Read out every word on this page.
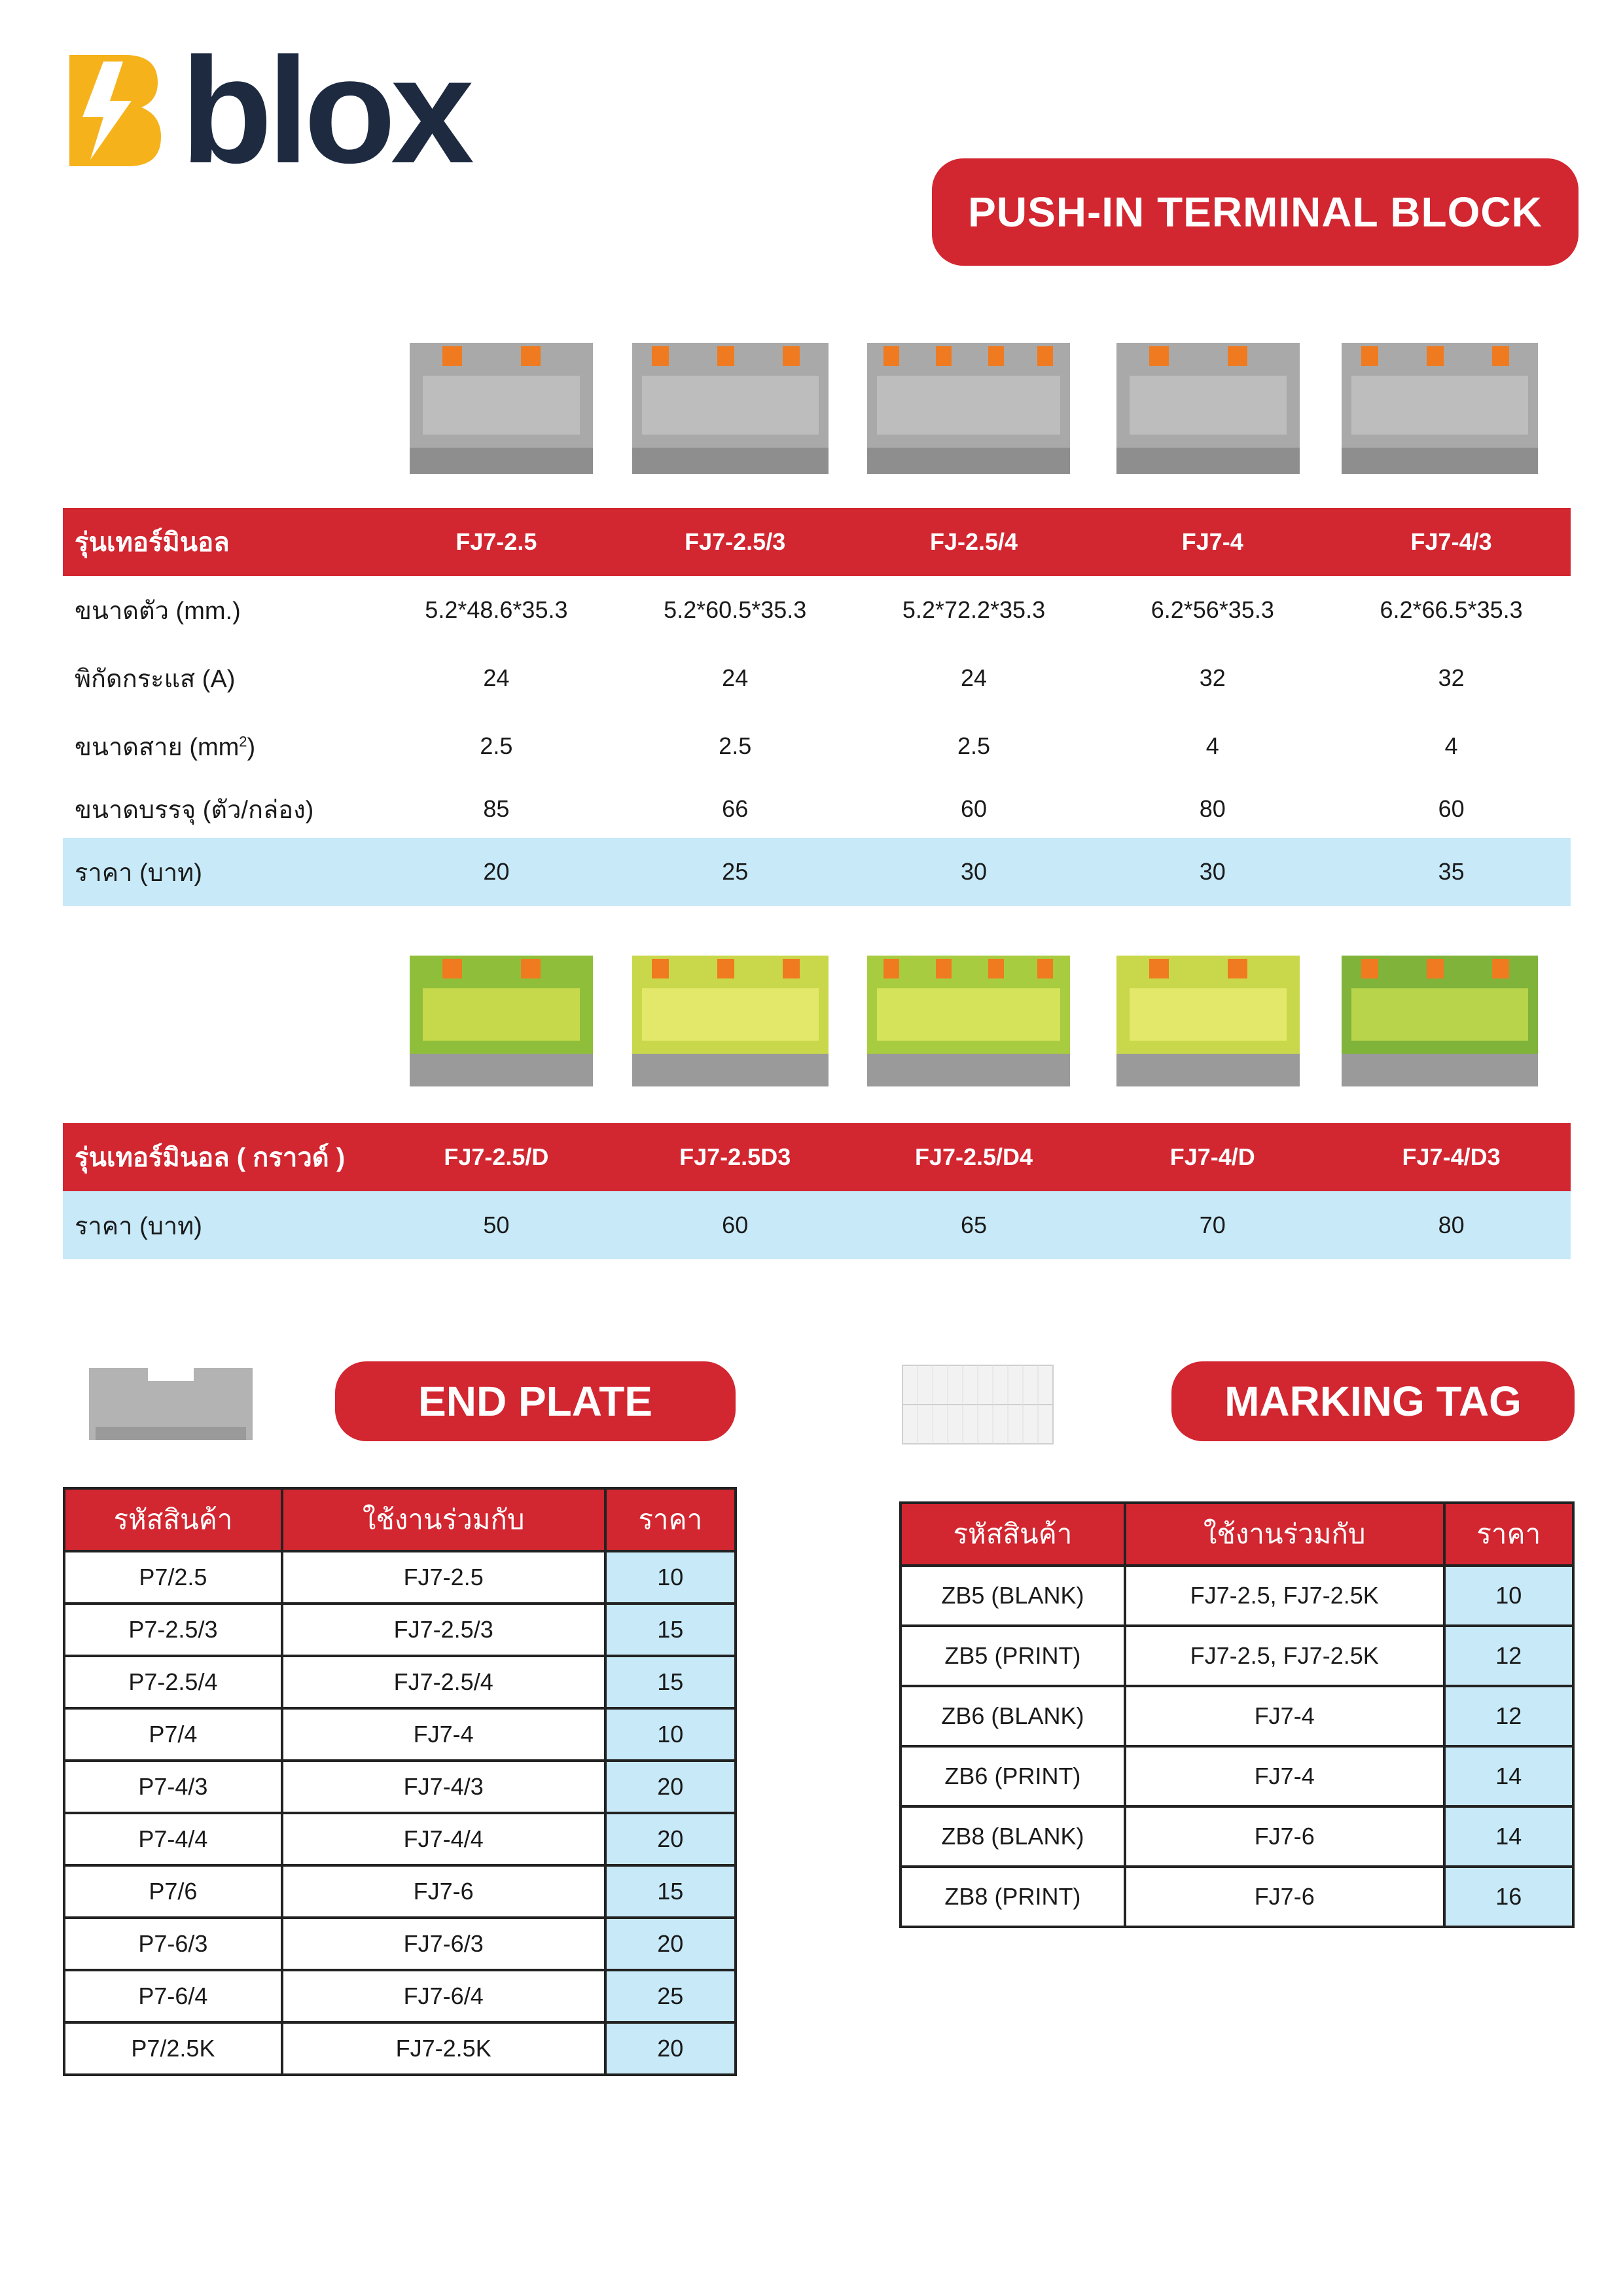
blox
PUSH-IN TERMINAL BLOCK
รุ่นเทอร์มินอล	FJ7-2.5	FJ7-2.5/3	FJ-2.5/4	FJ7-4	FJ7-4/3
ขนาดตัว (mm.)	5.2*48.6*35.3	5.2*60.5*35.3	5.2*72.2*35.3	6.2*56*35.3	6.2*66.5*35.3
พิกัดกระแส (A)	24	24	24	32	32
ขนาดสาย $(mm^2)$	2.5	2.5	2.5	4	4
ขนาดบรรจุ (ตัว/กล่อง)	85	66	60	80	60
ราคา (บาท)	20	25	30	30	35
รุ่นเทอร์มินอล ( กราวด์ )	FJ7-2.5/D	FJ7-2.5D3	FJ7-2.5/D4	FJ7-4/D	FJ7-4/D3
ราคา (บาท)	50	60	65	70	80
END PLATE	MARKING TAG
รหัสสินค้า	ใช้งานร่วมกับ	ราคา
P7/2.5	FJ7-2.5	10
P7-2.5/3	FJ7-2.5/3	15
P7-2.5/4	FJ7-2.5/4	15
P7/4	FJ7-4	10
P7-4/3	FJ7-4/3	20
P7-4/4	FJ7-4/4	20
P7/6	FJ7-6	15
P7-6/3	FJ7-6/3	20
P7-6/4	FJ7-6/4	25
P7/2.5K	FJ7-2.5K	20
รหัสสินค้า	ใช้งานร่วมกับ	ราคา
ZB5 (BLANK)	FJ7-2.5, FJ7-2.5K	10
ZB5 (PRINT)	FJ7-2.5, FJ7-2.5K	12
ZB6 (BLANK)	FJ7-4	12
ZB6 (PRINT)	FJ7-4	14
ZB8 (BLANK)	FJ7-6	14
ZB8 (PRINT)	FJ7-6	16
